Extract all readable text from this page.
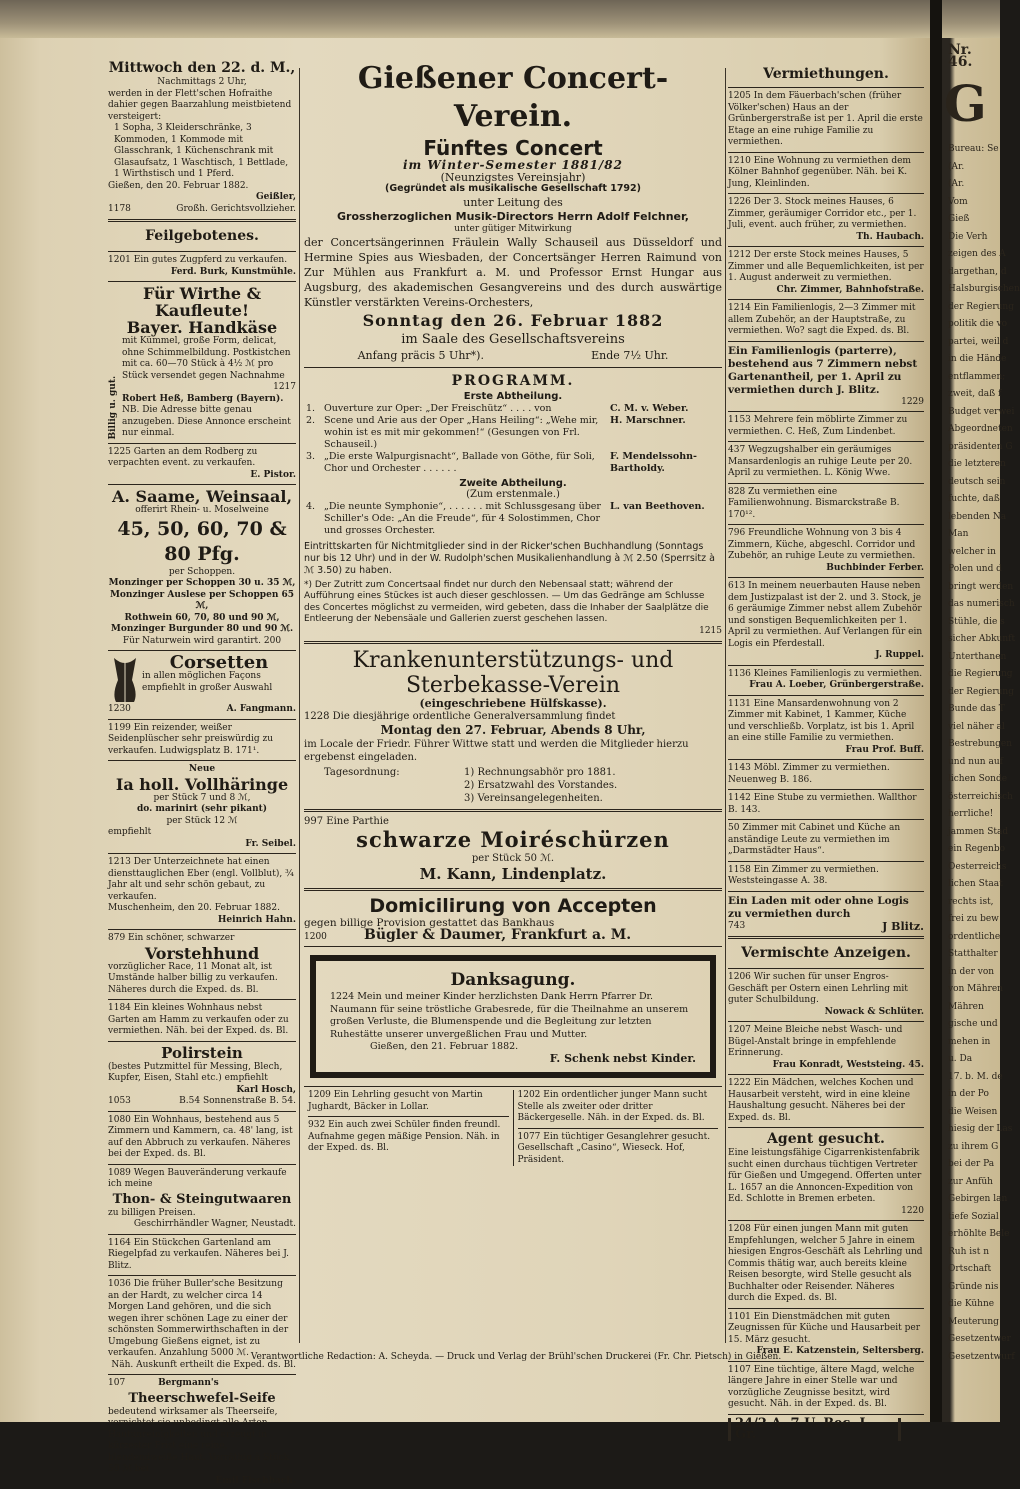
Mittwoch den 22. d. M.,

Nachmittags 2 Uhr,

werden in der Flett'schen Hofraithe

dahier gegen Baarzahlung meistbietend

versteigert:

1 Sopha, 3 Kleiderschränke, 3 Kommoden, 1 Kommode mit Glasschrank, 1 Küchenschrank mit Glasaufsatz, 1 Waschtisch, 1 Bettlade, 1 Wirthstisch und 1 Pferd.

Gießen, den 20. Februar 1882.

Geißler,

1178	Großh. Gerichtsvollzieher.

Feilgebotenes.

1201 Ein gutes Zugpferd zu verkaufen.

Ferd. Burk, Kunstmühle.

Für Wirthe & Kaufleute!
Bayer. Handkäse
Billig u. gut.

mit Kümmel, große Form, delicat, ohne Schimmelbildung. Postkistchen mit ca. 60—70 Stück à 4½ ℳ pro Stück versendet gegen Nachnahme

1217

Robert Heß, Bamberg (Bayern).

NB. Die Adresse bitte genau anzugeben. Diese Annonce erscheint nur einmal.

1225 Garten an dem Rodberg zu verpachten event. zu verkaufen.

E. Pistor.

A. Saame, Weinsaal,

offerirt Rhein- u. Moselweine

45, 50, 60, 70 & 80 Pfg.

per Schoppen.

Monzinger per Schoppen 30 u. 35 ℳ,

Monzinger Auslese per Schoppen 65 ℳ,

Rothwein 60, 70, 80 und 90 ℳ,

Monzinger Burgunder 80 und 90 ℳ.

Für Naturwein wird garantirt. 200

Corsetten

in allen möglichen Façons empfiehlt in großer Auswahl

1230	A. Fangmann.

1199 Ein reizender, weißer Seidenplüscher sehr preiswürdig zu verkaufen. Ludwigsplatz B. 171¹.

Neue

Ia holl. Vollhäringe

per Stück 7 und 8 ℳ,

do. marinirt (sehr pikant)

per Stück 12 ℳ

empfiehlt

Fr. Seibel.

1213 Der Unterzeichnete hat einen diensttauglichen Eber (engl. Vollblut), ¾ Jahr alt und sehr schön gebaut, zu verkaufen.

Muschenheim, den 20. Februar 1882.

Heinrich Hahn.

879 Ein schöner, schwarzer

Vorstehhund

vorzüglicher Race, 11 Monat alt, ist Umstände halber billig zu verkaufen. Näheres durch die Exped. ds. Bl.

1184 Ein kleines Wohnhaus nebst Garten am Hamm zu verkaufen oder zu vermiethen. Näh. bei der Exped. ds. Bl.

Polirstein

(bestes Putzmittel für Messing, Blech, Kupfer, Eisen, Stahl etc.) empfiehlt

Karl Hosch,

1053	B.54 Sonnenstraße B. 54.

1080 Ein Wohnhaus, bestehend aus 5 Zimmern und Kammern, ca. 48' lang, ist auf den Abbruch zu verkaufen. Näheres bei der Exped. ds. Bl.

1089 Wegen Bauveränderung verkaufe ich meine

Thon- & Steingutwaaren

zu billigen Preisen.

Geschirrhändler Wagner, Neustadt.

1164 Ein Stückchen Gartenland am Riegelpfad zu verkaufen. Näheres bei J. Blitz.

1036 Die früher Buller'sche Besitzung an der Hardt, zu welcher circa 14 Morgen Land gehören, und die sich wegen ihrer schönen Lage zu einer der schönsten Sommerwirthschaften in der Umgebung Gießens eignet, ist zu verkaufen. Anzahlung 5000 ℳ.

Näh. Auskunft ertheilt die Exped. ds. Bl.

107	Bergmann's

Theerschwefel-Seife

bedeutend wirksamer als Theerseife, vernichtet sie unbedingt alle Arten Hautunreinigkeiten und erzeugt in kürzester Frist eine reine, blendendweiße Haut. Vorräthig à Stück 50 ℳ bei

Emil Fischbach.

Gießener Concert-Verein.
Fünftes Concert
im Winter-Semester 1881/82
(Neunzigstes Vereinsjahr)
(Gegründet als musikalische Gesellschaft 1792)
unter Leitung des
Grossherzoglichen Musik-Directors Herrn Adolf Felchner,
unter gütiger Mitwirkung

der Concertsängerinnen Fräulein Wally Schauseil aus Düsseldorf und Hermine Spies aus Wiesbaden, der Concertsänger Herren Raimund von Zur Mühlen aus Frankfurt a. M. und Professor Ernst Hungar aus Augsburg, des akademischen Gesangvereins und des durch auswärtige Künstler verstärkten Vereins-Orchesters,

Sonntag den 26. Februar 1882
im Saale des Gesellschaftsvereins
Anfang präcis 5 Uhr*).	Ende 7½ Uhr.
PROGRAMM.
Erste Abtheilung.
1.	Ouverture zur Oper: „Der Freischütz“ . . . . von	C. M. v. Weber.
2.	Scene und Arie aus der Oper „Hans Heiling“: „Wehe mir, wohin ist es mit mir gekommen!“ (Gesungen von Frl. Schauseil.)	H. Marschner.
3.	„Die erste Walpurgisnacht“, Ballade von Göthe, für Soli, Chor und Orchester . . . . . .	F. Mendelssohn-Bartholdy.
Zweite Abtheilung.
(Zum erstenmale.)
4.	„Die neunte Symphonie“, . . . . . . mit Schlussgesang über Schiller's Ode: „An die Freude“, für 4 Solostimmen, Chor und grosses Orchester.	L. van Beethoven.

Eintrittskarten für Nichtmitglieder sind in der Ricker'schen Buchhandlung (Sonntags nur bis 12 Uhr) und in der W. Rudolph'schen Musikalienhandlung à ℳ 2.50 (Sperrsitz à ℳ 3.50) zu haben.

*) Der Zutritt zum Concertsaal findet nur durch den Nebensaal statt; während der Aufführung eines Stückes ist auch dieser geschlossen. — Um das Gedränge am Schlusse des Concertes möglichst zu vermeiden, wird gebeten, dass die Inhaber der Saalplätze die Entleerung der Nebensäale und Gallerien zuerst geschehen lassen.

1215

Krankenunterstützungs- und Sterbekasse-Verein
(eingeschriebene Hülfskasse).

1228 Die diesjährige ordentliche Generalversammlung findet

Montag den 27. Februar, Abends 8 Uhr,

im Locale der Friedr. Führer Wittwe statt und werden die Mitglieder hierzu ergebenst eingeladen.

Tagesordnung:	1) Rechnungsabhör pro 1881.

2) Ersatzwahl des Vorstandes.

3) Vereinsangelegenheiten.

997 Eine Parthie

schwarze Moiréschürzen

per Stück 50 ℳ.

M. Kann, Lindenplatz.
Domicilirung von Accepten

gegen billige Provision gestattet das Bankhaus

1200	Bügler & Daumer, Frankfurt a. M.
Danksagung.

1224 Mein und meiner Kinder herzlichsten Dank Herrn Pfarrer Dr. Naumann für seine tröstliche Grabesrede, für die Theilnahme an unserem großen Verluste, die Blumenspende und die Begleitung zur letzten Ruhestätte unserer unvergeßlichen Frau und Mutter.

Gießen, den 21. Februar 1882.

F. Schenk nebst Kinder.

1209 Ein Lehrling gesucht von Martin Jughardt, Bäcker in Lollar.

932 Ein auch zwei Schüler finden freundl. Aufnahme gegen mäßige Pension. Näh. in der Exped. ds. Bl.

1202 Ein ordentlicher junger Mann sucht Stelle als zweiter oder dritter Bäckergeselle. Näh. in der Exped. ds. Bl.

1077 Ein tüchtiger Gesanglehrer gesucht. Gesellschaft „Casino“, Wieseck. Hof, Präsident.

Vermiethungen.

1205 In dem Fäuerbach'schen (früher Völker'schen) Haus an der Grünbergerstraße ist per 1. April die erste Etage an eine ruhige Familie zu vermiethen.

1210 Eine Wohnung zu vermiethen dem Kölner Bahnhof gegenüber. Näh. bei K. Jung, Kleinlinden.

1226 Der 3. Stock meines Hauses, 6 Zimmer, geräumiger Corridor etc., per 1. Juli, event. auch früher, zu vermiethen.

Th. Haubach.

1212 Der erste Stock meines Hauses, 5 Zimmer und alle Bequemlichkeiten, ist per 1. August anderweit zu vermiethen.

Chr. Zimmer, Bahnhofstraße.

1214 Ein Familienlogis, 2—3 Zimmer mit allem Zubehör, an der Hauptstraße, zu vermiethen. Wo? sagt die Exped. ds. Bl.

Ein Familienlogis (parterre), bestehend aus 7 Zimmern nebst Gartenantheil, per 1. April zu vermiethen durch J. Blitz.

1229

1153 Mehrere fein möblirte Zimmer zu vermiethen. C. Heß, Zum Lindenbet.

437 Wegzugshalber ein geräumiges Mansardenlogis an ruhige Leute per 20. April zu vermiethen. L. König Wwe.

828 Zu vermiethen eine Familienwohnung. Bismarckstraße B. 170¹².

796 Freundliche Wohnung von 3 bis 4 Zimmern, Küche, abgeschl. Corridor und Zubehör, an ruhige Leute zu vermiethen.

Buchbinder Ferber.

613 In meinem neuerbauten Hause neben dem Justizpalast ist der 2. und 3. Stock, je 6 geräumige Zimmer nebst allem Zubehör und sonstigen Bequemlichkeiten per 1. April zu vermiethen. Auf Verlangen für ein Logis ein Pferdestall.

J. Ruppel.

1136 Kleines Familienlogis zu vermiethen.

Frau A. Loeber, Grünbergerstraße.

1131 Eine Mansardenwohnung von 2 Zimmer mit Kabinet, 1 Kammer, Küche und verschließb. Vorplatz, ist bis 1. April an eine stille Familie zu vermiethen.

Frau Prof. Buff.

1143 Möbl. Zimmer zu vermiethen. Neuenweg B. 186.

1142 Eine Stube zu vermiethen. Wallthor B. 143.

50 Zimmer mit Cabinet und Küche an anständige Leute zu vermiethen im „Darmstädter Haus“.

1158 Ein Zimmer zu vermiethen. Weststeingasse A. 38.

Ein Laden mit oder ohne Logis zu vermiethen durch

743	J Blitz.

Vermischte Anzeigen.

1206 Wir suchen für unser Engros-Geschäft per Ostern einen Lehrling mit guter Schulbildung.

Nowack & Schlüter.

1207 Meine Bleiche nebst Wasch- und Bügel-Anstalt bringe in empfehlende Erinnerung.

Frau Konradt, Weststeing. 45.

1222 Ein Mädchen, welches Kochen und Hausarbeit versteht, wird in eine kleine Haushaltung gesucht. Näheres bei der Exped. ds. Bl.

Agent gesucht.

Eine leistungsfähige Cigarrenkistenfabrik sucht einen durchaus tüchtigen Vertreter für Gießen und Umgegend. Offerten unter L. 1657 an die Annoncen-Expedition von Ed. Schlotte in Bremen erbeten.

1220

1208 Für einen jungen Mann mit guten Empfehlungen, welcher 5 Jahre in einem hiesigen Engros-Geschäft als Lehrling und Commis thätig war, auch bereits kleine Reisen besorgte, wird Stelle gesucht als Buchhalter oder Reisender. Näheres durch die Exped. ds. Bl.

1101 Ein Dienstmädchen mit guten Zeugnissen für Küche und Hausarbeit per 15. März gesucht.

Frau E. Katzenstein, Seltersberg.

1107 Eine tüchtige, ältere Magd, welche längere Jahre in einer Stelle war und vorzügliche Zeugnisse besitzt, wird gesucht. Näh. in der Exped. ds. Bl.

24/2 A. 7 U. Rec. I. Gr.	1223
Nr. 46.
G

Bureau: Se

(Ar.

(Ar.

Vom

Gieß

Die Verh

zeigen des A

dargethan, d

Halsburgischen

der Regierung

politik die vo

partei, weil d

in die Hände

entflammen;

zweit, daß f

Budget verwei

Abgeordneten

präsidenten G

die letzteren

deutsch sein

fuchte, daß

lebenden Na

Man

welcher in

Polen und d

bringt werden

das numerisch

Stühle, die s

sicher Abkunft

Unterthanen

die Regierung

der Regierung

Bunde das T

viel näher al

Bestrebungen

und nun auf

lichen Sonde

österreichisch

herrliche!

jammen Stad

ein Regenbo

Oesterreichs

lichen Staat

rechts ist,

frei zu bew

ordentliche

Statthalter

in der von

von Mähren

Mähren

gische und

mehen in

u. Da

17. b. M. de

in der Po

die Weisen

hiesig der Las

zu ihrem G

bei der Pa

zur Anfüh

Gebirgen lan

tiefe Sozial

erhöhlte Bele

Ruh ist n

Ortschaft

Gründe nis

die Kühne

Meuterung

Gesetzentwer

Gesetzentwurf

Verantwortliche Redaction: A. Scheyda. — Druck und Verlag der Brühl'schen Druckerei (Fr. Chr. Pietsch) in Gießen.
